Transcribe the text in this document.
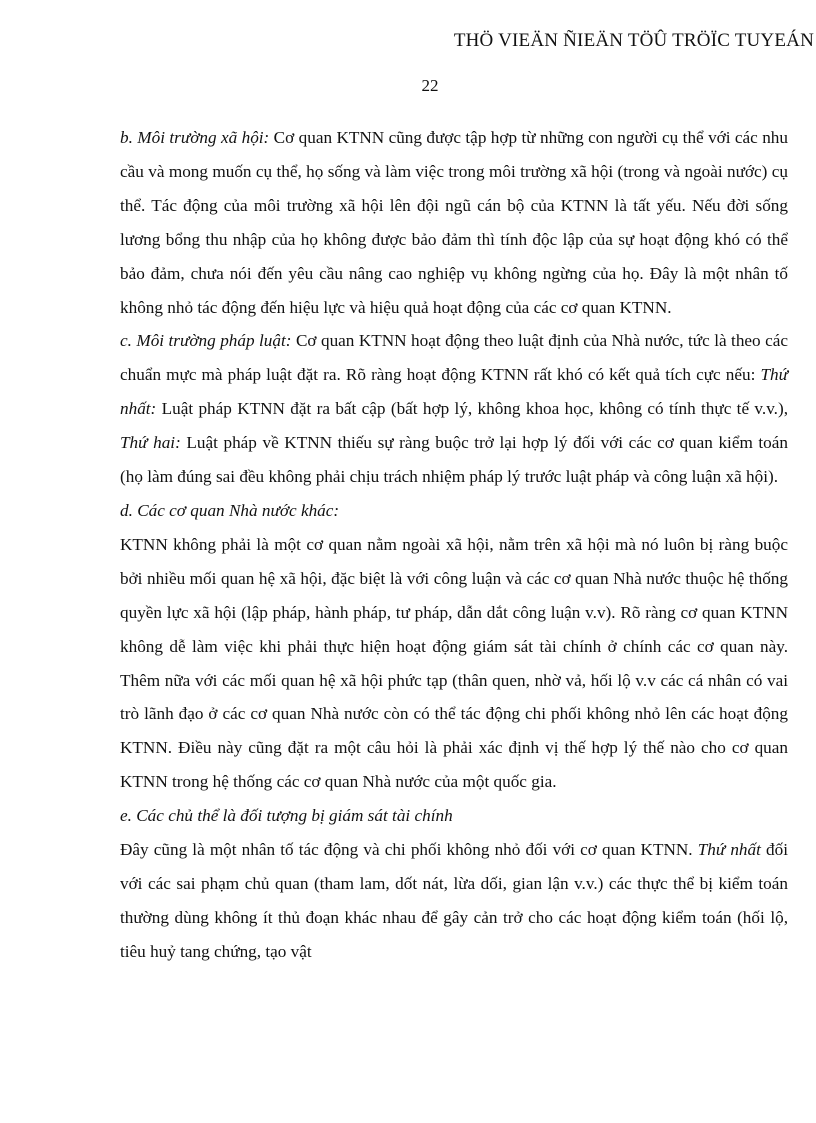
THÖ VIEÄN ÑIEÄN TÖÛ TRÖÏC TUYEÁN
22

b. Môi trường xã hội: Cơ quan KTNN cũng được tập hợp từ những con người cụ thể với các nhu cầu và mong muốn cụ thể, họ sống và làm việc trong môi trường xã hội (trong và ngoài nước) cụ thể. Tác động của môi trường xã hội lên đội ngũ cán bộ của KTNN là tất yếu. Nếu đời sống lương bổng thu nhập của họ không được bảo đảm thì tính độc lập của sự hoạt động khó có thể bảo đảm, chưa nói đến yêu cầu nâng cao nghiệp vụ không ngừng của họ. Đây là một nhân tố không nhỏ tác động đến hiệu lực và hiệu quả hoạt động của các cơ quan KTNN.

c. Môi trường pháp luật: Cơ quan KTNN hoạt động theo luật định của Nhà nước, tức là theo các chuẩn mực mà pháp luật đặt ra. Rõ ràng hoạt động KTNN rất khó có kết quả tích cực nếu: Thứ nhất: Luật pháp KTNN đặt ra bất cập (bất hợp lý, không khoa học, không có tính thực tế v.v.), Thứ hai: Luật pháp về KTNN thiếu sự ràng buộc trở lại hợp lý đối với các cơ quan kiểm toán (họ làm đúng sai đều không phải chịu trách nhiệm pháp lý trước luật pháp và công luận xã hội).

d. Các cơ quan Nhà nước khác:

KTNN không phải là một cơ quan nằm ngoài xã hội, nằm trên xã hội mà nó luôn bị ràng buộc bởi nhiều mối quan hệ xã hội, đặc biệt là với công luận và các cơ quan Nhà nước thuộc hệ thống quyền lực xã hội (lập pháp, hành pháp, tư pháp, dẫn dắt công luận v.v). Rõ ràng cơ quan KTNN không dễ làm việc khi phải thực hiện hoạt động giám sát tài chính ở chính các cơ quan này. Thêm nữa với các mối quan hệ xã hội phức tạp (thân quen, nhờ vả, hối lộ v.v các cá nhân có vai trò lãnh đạo ở các cơ quan Nhà nước còn có thể tác động chi phối không nhỏ lên các hoạt động KTNN. Điều này cũng đặt ra một câu hỏi là phải xác định vị thế hợp lý thế nào cho cơ quan KTNN trong hệ thống các cơ quan Nhà nước của một quốc gia.

e. Các chủ thể là đối tượng bị giám sát tài chính

Đây cũng là một nhân tố tác động và chi phối không nhỏ đối với cơ quan KTNN. Thứ nhất đối với các sai phạm chủ quan (tham lam, dốt nát, lừa dối, gian lận v.v.) các thực thể bị kiểm toán thường dùng không ít thủ đoạn khác nhau để gây cản trở cho các hoạt động kiểm toán (hối lộ, tiêu huỷ tang chứng, tạo vật
